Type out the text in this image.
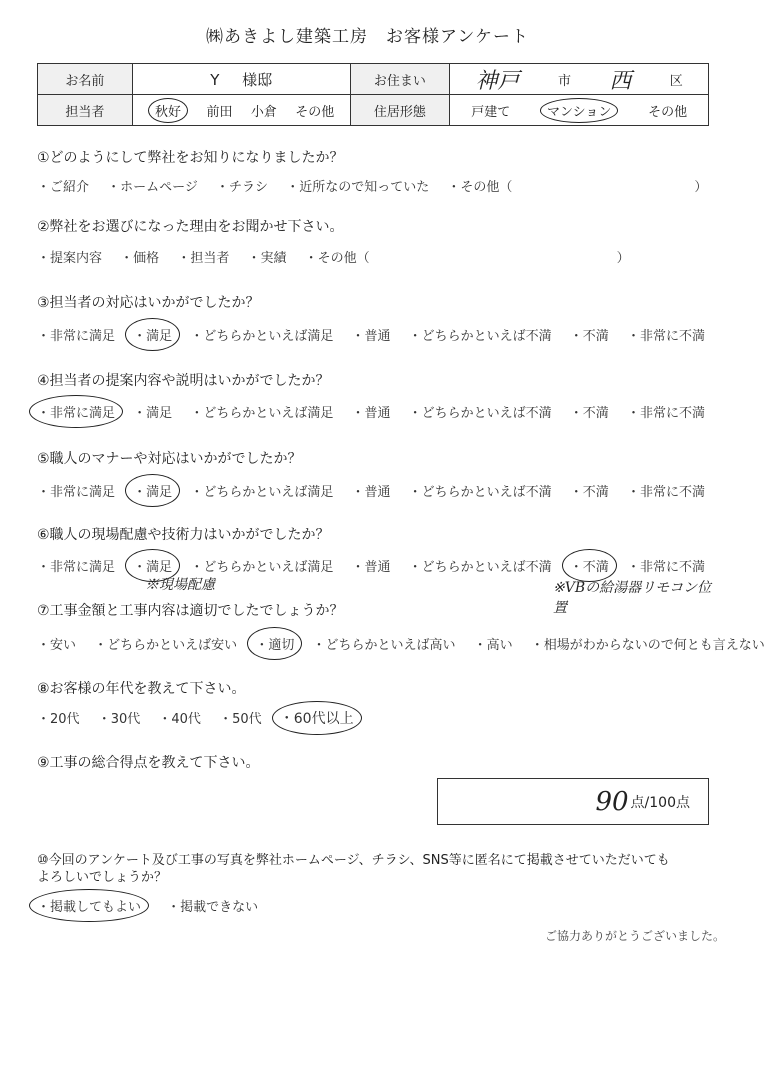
㈱あきよし建築工房　お客様アンケート
お名前	Y 様邸	お住まい	神戸 市 西 区

担当者	秋好 前田 小倉 その他	住居形態	戸建て マンション その他
①どのようにして弊社をお知りになりましたか？
・ご紹介 ・ホームページ ・チラシ ・近所なので知っていた ・その他（　　　　　　　　　　　　　　）
②弊社をお選びになった理由をお聞かせ下さい。
・提案内容 ・価格 ・担当者 ・実績 ・その他（　　　　　　　　　　　　　　　　　　　）
③担当者の対応はいかがでしたか？
・非常に満足 ・満足 ・どちらかといえば満足 ・普通 ・どちらかといえば不満 ・不満 ・非常に不満
④担当者の提案内容や説明はいかがでしたか？
・非常に満足 ・満足 ・どちらかといえば満足 ・普通 ・どちらかといえば不満 ・不満 ・非常に不満
⑤職人のマナーや対応はいかがでしたか？
・非常に満足 ・満足 ・どちらかといえば満足 ・普通 ・どちらかといえば不満 ・不満 ・非常に不満
⑥職人の現場配慮や技術力はいかがでしたか？
・非常に満足 ・満足 ・どちらかといえば満足 ・普通 ・どちらかといえば不満 ・不満 ・非常に不満
※現場配慮	※VBの給湯器リモコン位置
⑦工事金額と工事内容は適切でしたでしょうか？
・安い ・どちらかといえば安い ・適切 ・どちらかといえば高い ・高い ・相場がわからないので何とも言えない
⑧お客様の年代を教えて下さい。
・20代 ・30代 ・40代 ・50代 ・60代以上
⑨工事の総合得点を教えて下さい。
90 点/100点
⑩今回のアンケート及び工事の写真を弊社ホームページ、チラシ、SNS等に匿名にて掲載させていただいても
よろしいでしょうか？
・掲載してもよい ・掲載できない
ご協力ありがとうございました。
